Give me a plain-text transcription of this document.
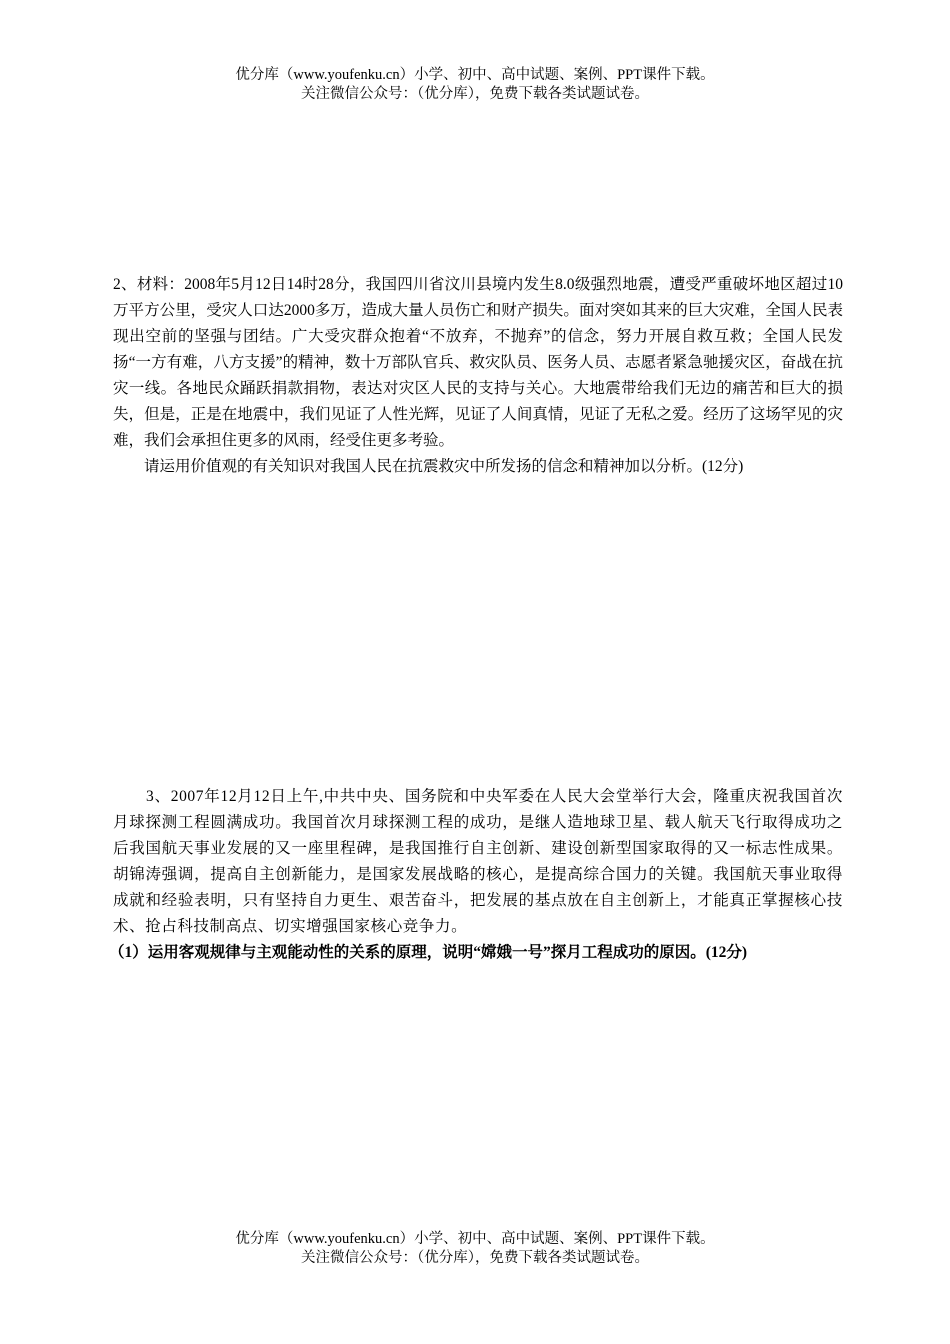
优分库（www.youfenku.cn）小学、初中、高中试题、案例、PPT课件下载。
关注微信公众号：（优分库），免费下载各类试题试卷。

2、材料：2008年5月12日14时28分，我国四川省汶川县境内发生8.0级强烈地震，遭受严重破坏地区超过10万平方公里，受灾人口达2000多万，造成大量人员伤亡和财产损失。面对突如其来的巨大灾难，全国人民表现出空前的坚强与团结。广大受灾群众抱着“不放弃，不抛弃”的信念，努力开展自救互救；全国人民发扬“一方有难，八方支援”的精神，数十万部队官兵、救灾队员、医务人员、志愿者紧急驰援灾区，奋战在抗灾一线。各地民众踊跃捐款捐物，表达对灾区人民的支持与关心。大地震带给我们无边的痛苦和巨大的损失，但是，正是在地震中，我们见证了人性光辉，见证了人间真情，见证了无私之爱。经历了这场罕见的灾难，我们会承担住更多的风雨，经受住更多考验。

请运用价值观的有关知识对我国人民在抗震救灾中所发扬的信念和精神加以分析。(12分)

3、2007年12月12日上午,中共中央、国务院和中央军委在人民大会堂举行大会，隆重庆祝我国首次月球探测工程圆满成功。我国首次月球探测工程的成功，是继人造地球卫星、载人航天飞行取得成功之后我国航天事业发展的又一座里程碑，是我国推行自主创新、建设创新型国家取得的又一标志性成果。胡锦涛强调，提高自主创新能力，是国家发展战略的核心，是提高综合国力的关键。我国航天事业取得成就和经验表明，只有坚持自力更生、艰苦奋斗，把发展的基点放在自主创新上，才能真正掌握核心技术、抢占科技制高点、切实增强国家核心竞争力。

（1）运用客观规律与主观能动性的关系的原理，说明“嫦娥一号”探月工程成功的原因。(12分)

优分库（www.youfenku.cn）小学、初中、高中试题、案例、PPT课件下载。
关注微信公众号：（优分库），免费下载各类试题试卷。
